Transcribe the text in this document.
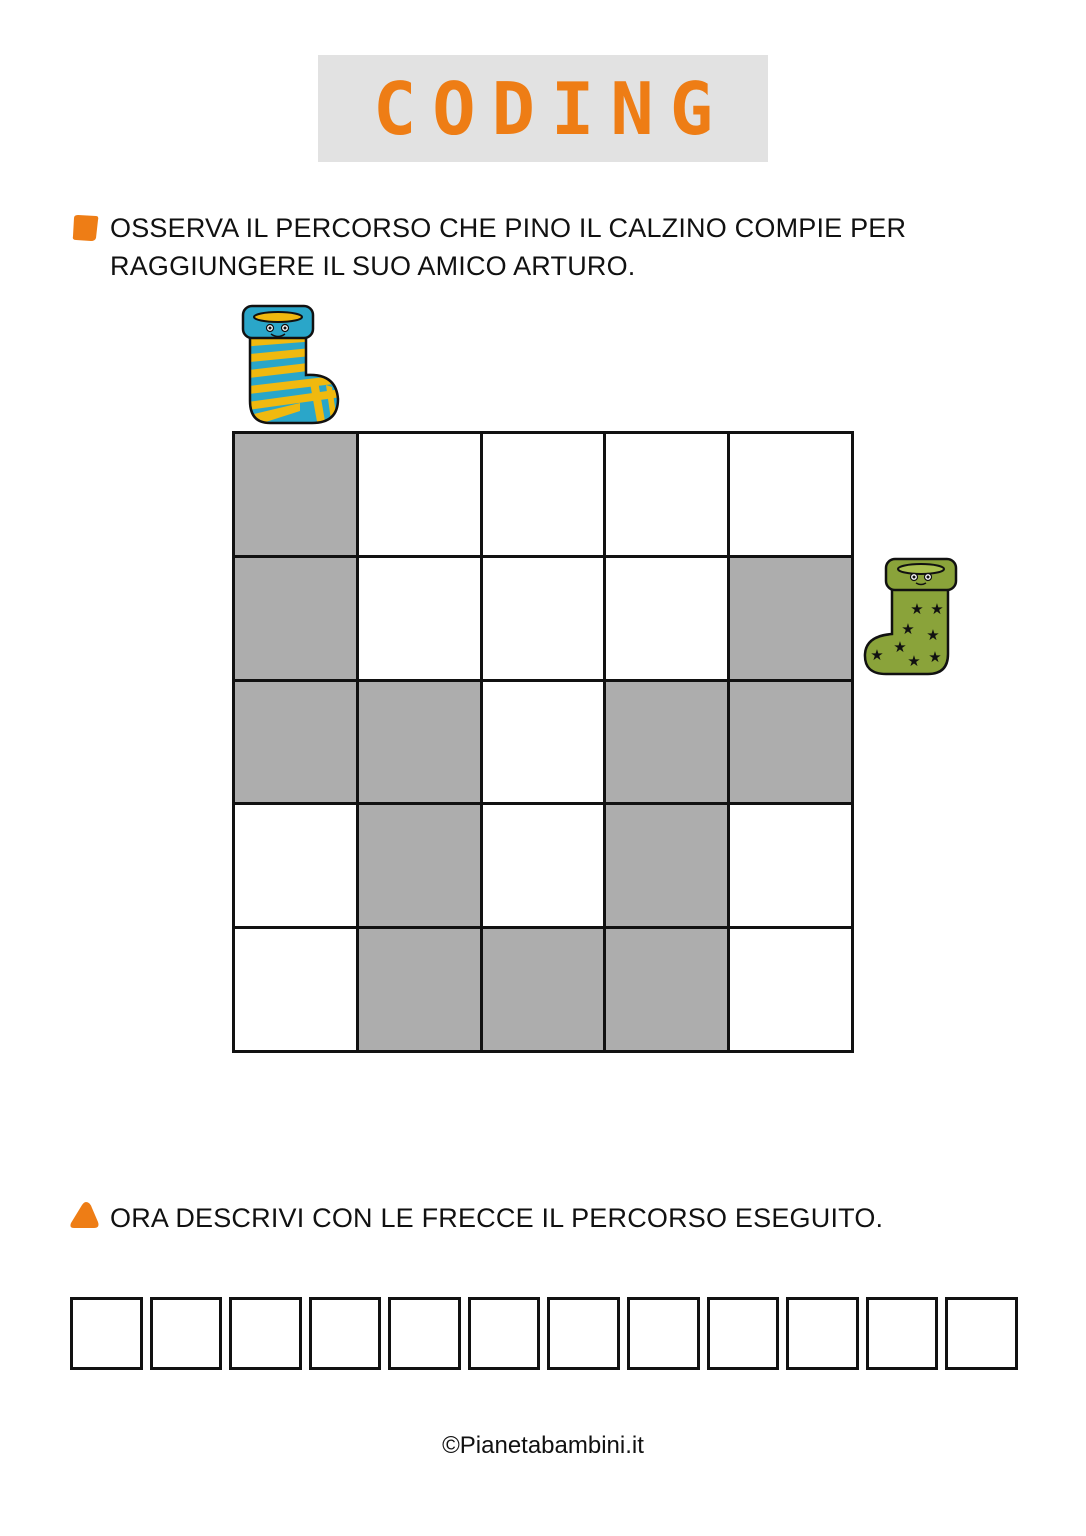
CODING

OSSERVA IL PERCORSO CHE PINO IL CALZINO COMPIE PER
RAGGIUNGERE IL SUO AMICO ARTURO.

★ ★
★ ★
★
★ ★ ★

ORA DESCRIVI CON LE FRECCE IL PERCORSO ESEGUITO.

©Pianetabambini.it
